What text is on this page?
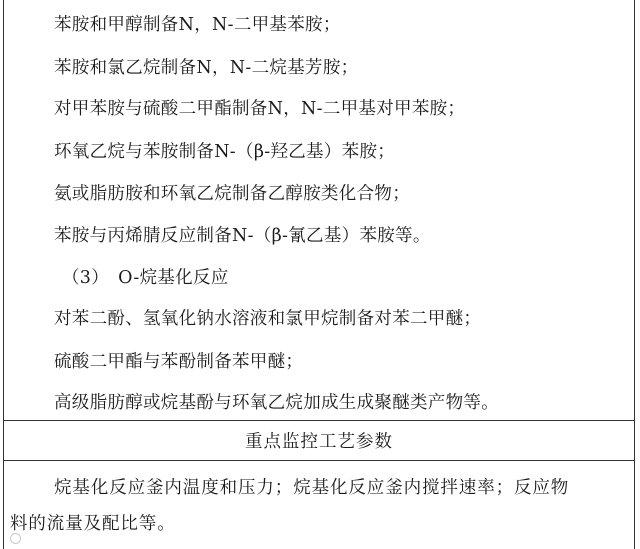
苯胺和甲醇制备N，N-二甲基苯胺；
苯胺和氯乙烷制备N，N-二烷基芳胺；
对甲苯胺与硫酸二甲酯制备N，N-二甲基对甲苯胺；
环氧乙烷与苯胺制备N-（β-羟乙基）苯胺；
氨或脂肪胺和环氧乙烷制备乙醇胺类化合物；
苯胺与丙烯腈反应制备N-（β-氰乙基）苯胺等。
（3）　O-烷基化反应
对苯二酚、氢氧化钠水溶液和氯甲烷制备对苯二甲醚；
硫酸二甲酯与苯酚制备苯甲醚；
高级脂肪醇或烷基酚与环氧乙烷加成生成聚醚类产物等。
重点监控工艺参数
烷基化反应釜内温度和压力；烷基化反应釜内搅拌速率；反应物
料的流量及配比等。
